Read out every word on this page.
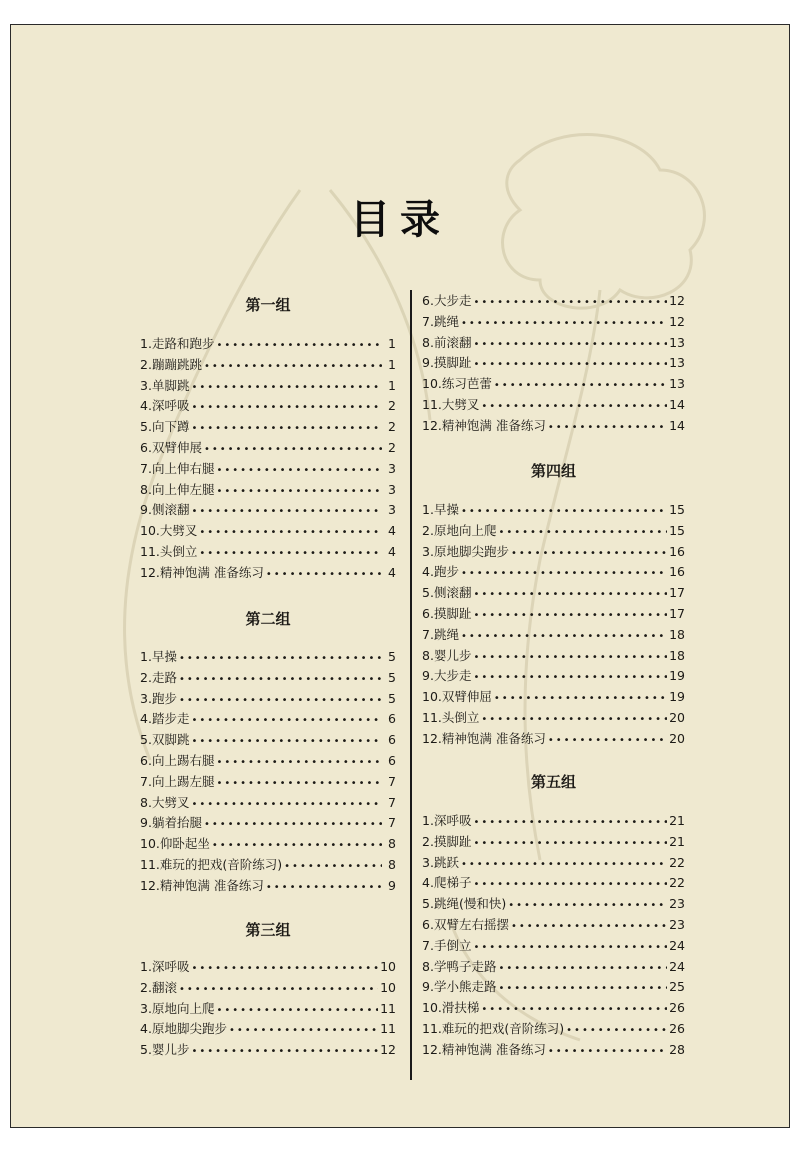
目录
第一组
1. 走路和跑步 •••••	1
2. 蹦蹦跳跳 •••••	1
3. 单脚跳 •••••	1
4. 深呼吸 •••••	2
5. 向下蹲 •••••	2
6. 双臂伸展 •••••	2
7. 向上伸右腿 •••••	3
8. 向上伸左腿 •••••	3
9. 侧滚翻 •••••	3
10. 大劈叉 •••••	4
11. 头倒立 •••••	4
12. 精神饱满 准备练习 •••••	4
第二组
1. 早操 •••••	5
2. 走路 •••••	5
3. 跑步 •••••	5
4. 踏步走 •••••	6
5. 双脚跳 •••••	6
6. 向上踢右腿 •••••	6
7. 向上踢左腿 •••••	7
8. 大劈叉 •••••	7
9. 躺着抬腿 •••••	7
10. 仰卧起坐 •••••	8
11. 难玩的把戏(音阶练习) •••••	8
12. 精神饱满 准备练习 •••••	9
第三组
1. 深呼吸 •••••	10
2. 翻滚 •••••	10
3. 原地向上爬 •••••	11
4. 原地脚尖跑步 •••••	11
5. 婴儿步 •••••	12
6. 大步走 •••••	12
7. 跳绳 •••••	12
8. 前滚翻 •••••	13
9. 摸脚趾 •••••	13
10. 练习芭蕾 •••••	13
11. 大劈叉 •••••	14
12. 精神饱满 准备练习 •••••	14
第四组
1. 早操 •••••	15
2. 原地向上爬 •••••	15
3. 原地脚尖跑步 •••••	16
4. 跑步 •••••	16
5. 侧滚翻 •••••	17
6. 摸脚趾 •••••	17
7. 跳绳 •••••	18
8. 婴儿步 •••••	18
9. 大步走 •••••	19
10. 双臂伸屈 •••••	19
11. 头倒立 •••••	20
12. 精神饱满 准备练习 •••••	20
第五组
1. 深呼吸 •••••	21
2. 摸脚趾 •••••	21
3. 跳跃 •••••	22
4. 爬梯子 •••••	22
5. 跳绳(慢和快) •••••	23
6. 双臂左右摇摆 •••••	23
7. 手倒立 •••••	24
8. 学鸭子走路 •••••	24
9. 学小熊走路 •••••	25
10. 滑扶梯 •••••	26
11. 难玩的把戏(音阶练习) •••••	26
12. 精神饱满 准备练习 •••••	28
